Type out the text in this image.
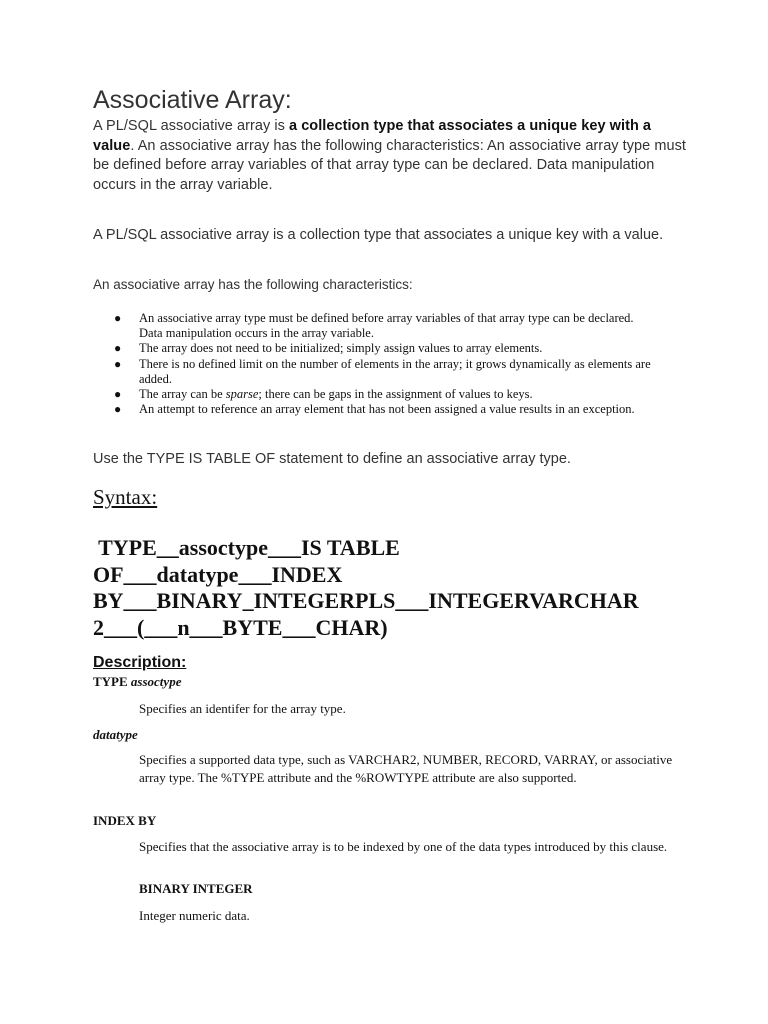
Associative Array:
A PL/SQL associative array is a collection type that associates a unique key with a value. An associative array has the following characteristics: An associative array type must be defined before array variables of that array type can be declared. Data manipulation occurs in the array variable.
A PL/SQL associative array is a collection type that associates a unique key with a value.
An associative array has the following characteristics:
● An associative array type must be defined before array variables of that array type can be declared. Data manipulation occurs in the array variable.
● The array does not need to be initialized; simply assign values to array elements.
● There is no defined limit on the number of elements in the array; it grows dynamically as elements are added.
● The array can be sparse; there can be gaps in the assignment of values to keys.
● An attempt to reference an array element that has not been assigned a value results in an exception.
Use the TYPE IS TABLE OF statement to define an associative array type.
Syntax:
TYPE__assoctype___IS TABLE
OF___datatype___INDEX
BY___BINARY_INTEGERPLS___INTEGERVARCHAR
2___(___n___BYTE___CHAR)
Description:
TYPE assoctype
Specifies an identifer for the array type.
datatype
Specifies a supported data type, such as VARCHAR2, NUMBER, RECORD, VARRAY, or associative array type. The %TYPE attribute and the %ROWTYPE attribute are also supported.
INDEX BY
Specifies that the associative array is to be indexed by one of the data types introduced by this clause.
BINARY INTEGER
Integer numeric data.
